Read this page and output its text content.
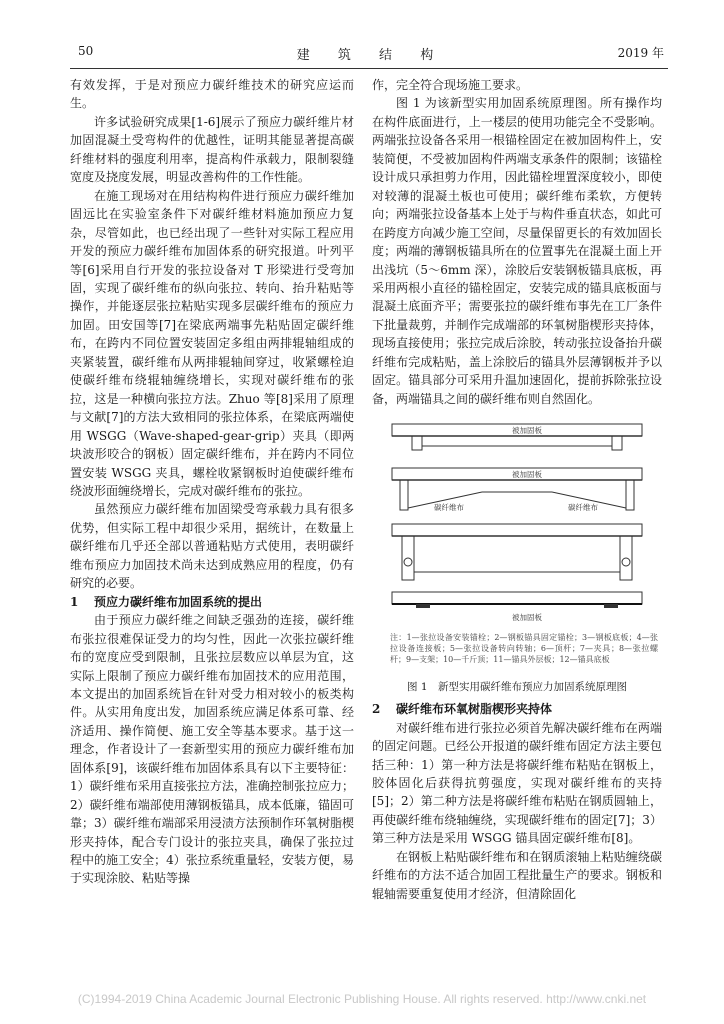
50	建 筑 结 构	2019 年

有效发挥，于是对预应力碳纤维技术的研究应运而生。

许多试验研究成果[1-6]展示了预应力碳纤维片材加固混凝土受弯构件的优越性，证明其能显著提高碳纤维材料的强度利用率，提高构件承载力，限制裂缝宽度及挠度发展，明显改善构件的工作性能。

在施工现场对在用结构构件进行预应力碳纤维加固远比在实验室条件下对碳纤维材料施加预应力复杂，尽管如此，也已经出现了一些针对实际工程应用开发的预应力碳纤维布加固体系的研究报道。叶列平等[6]采用自行开发的张拉设备对 T 形梁进行受弯加固，实现了碳纤维布的纵向张拉、转向、抬升粘贴等操作，并能逐层张拉粘贴实现多层碳纤维布的预应力加固。田安国等[7]在梁底两端事先粘贴固定碳纤维布，在跨内不同位置安装固定多组由两排辊轴组成的夹紧装置，碳纤维布从两排辊轴间穿过，收紧螺栓迫使碳纤维布绕辊轴缠绕增长，实现对碳纤维布的张拉，这是一种横向张拉方法。Zhuo 等[8]采用了原理与文献[7]的方法大致相同的张拉体系，在梁底两端使用 WSGG（Wave-shaped-gear-grip）夹具（即两块波形咬合的钢板）固定碳纤维布，并在跨内不同位置安装 WSGG 夹具，螺栓收紧钢板时迫使碳纤维布绕波形面缠绕增长，完成对碳纤维布的张拉。

虽然预应力碳纤维布加固梁受弯承载力具有很多优势，但实际工程中却很少采用，据统计，在数量上碳纤维布几乎还全部以普通粘贴方式使用，表明碳纤维布预应力加固技术尚未达到成熟应用的程度，仍有研究的必要。

1 预应力碳纤维布加固系统的提出

由于预应力碳纤维之间缺乏强劲的连接，碳纤维布张拉很难保证受力的均匀性，因此一次张拉碳纤维布的宽度应受到限制，且张拉层数应以单层为宜，这实际上限制了预应力碳纤维布加固技术的应用范围，本文提出的加固系统旨在针对受力相对较小的板类构件。从实用角度出发，加固系统应满足体系可靠、经济适用、操作简便、施工安全等基本要求。基于这一理念，作者设计了一套新型实用的预应力碳纤维布加固体系[9]，该碳纤维布加固体系具有以下主要特征：1）碳纤维布采用直接张拉方法，准确控制张拉应力；2）碳纤维布端部使用薄钢板锚具，成本低廉，锚固可靠；3）碳纤维布端部采用浸渍方法预制作环氧树脂楔形夹持体，配合专门设计的张拉夹具，确保了张拉过程中的施工安全；4）张拉系统重量轻，安装方便，易于实现涂胶、粘贴等操

作，完全符合现场施工要求。

图 1 为该新型实用加固系统原理图。所有操作均在构件底面进行，上一楼层的使用功能完全不受影响。两端张拉设备各采用一根锚栓固定在被加固构件上，安装简便，不受被加固构件两端支承条件的限制；该锚栓设计成只承担剪力作用，因此锚栓埋置深度较小，即使对较薄的混凝土板也可使用；碳纤维布柔软，方便转向；两端张拉设备基本上处于与构件垂直状态，如此可在跨度方向减少施工空间，尽量保留更长的有效加固长度；两端的薄钢板锚具所在的位置事先在混凝土面上开出浅坑（5～6mm 深），涂胶后安装钢板锚具底板，再采用两根小直径的锚栓固定，安装完成的锚具底板面与混凝土底面齐平；需要张拉的碳纤维布事先在工厂条件下批量裁剪，并制作完成端部的环氧树脂楔形夹持体，现场直接使用；张拉完成后涂胶，转动张拉设备抬升碳纤维布完成粘贴，盖上涂胶后的锚具外层薄钢板并予以固定。锚具部分可采用升温加速固化，提前拆除张拉设备，两端锚具之间的碳纤维布则自然固化。

被加固板
被加固板
碳纤维布	碳纤维布
被加固板
注：1—张拉设备安装锚栓；2—钢板锚具固定锚栓；3—钢板底板；4—张拉设备连接板；5—张拉设备转向转轴；6—顶杆；7—夹具；8—张拉螺杆；9—支架；10—千斤顶；11—锚具外层板；12—锚具底板

图 1　新型实用碳纤维布预应力加固系统原理图

2 碳纤维布环氧树脂楔形夹持体

对碳纤维布进行张拉必须首先解决碳纤维布在两端的固定问题。已经公开报道的碳纤维布固定方法主要包括三种：1）第一种方法是将碳纤维布粘贴在钢板上，胶体固化后获得抗剪强度，实现对碳纤维布的夹持[5]；2）第二种方法是将碳纤维布粘贴在钢质圆轴上，再使碳纤维布绕轴缠绕，实现碳纤维布的固定[7]；3）第三种方法是采用 WSGG 锚具固定碳纤维布[8]。

在钢板上粘贴碳纤维布和在钢质滚轴上粘贴缠绕碳纤维布的方法不适合加固工程批量生产的要求。钢板和辊轴需要重复使用才经济，但清除固化

(C)1994-2019 China Academic Journal Electronic Publishing House. All rights reserved. http://www.cnki.net
